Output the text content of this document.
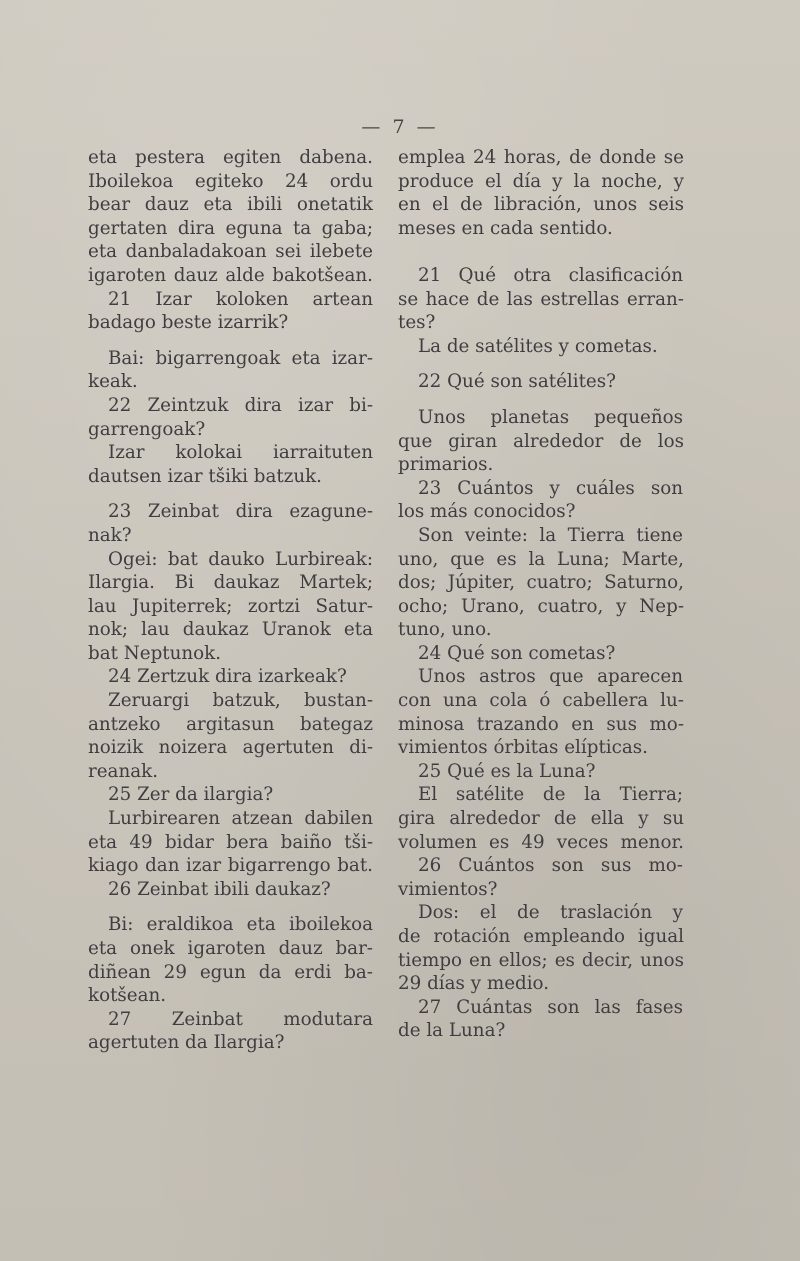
— 7 —
eta pestera egiten dabena.
Iboilekoa egiteko 24 ordu
bear dauz eta ibili onetatik
gertaten dira eguna ta gaba;
eta danbaladakoan sei ilebete
igaroten dauz alde bakotšean.
21 Izar koloken artean
badago beste izarrik?
Bai: bigarrengoak eta izar-
keak.
22 Zeintzuk dira izar bi-
garrengoak?
Izar kolokai iarraituten
dautsen izar tšiki batzuk.
23 Zeinbat dira ezagune-
nak?
Ogei: bat dauko Lurbireak:
Ilargia. Bi daukaz Martek;
lau Jupiterrek; zortzi Satur-
nok; lau daukaz Uranok eta
bat Neptunok.
24 Zertzuk dira izarkeak?
Zeruargi batzuk, bustan-
antzeko argitasun bategaz
noizik noizera agertuten di-
reanak.
25 Zer da ilargia?
Lurbirearen atzean dabilen
eta 49 bidar bera baiño tši-
kiago dan izar bigarrengo bat.
26 Zeinbat ibili daukaz?
Bi: eraldikoa eta iboilekoa
eta onek igaroten dauz bar-
diñean 29 egun da erdi ba-
kotšean.
27 Zeinbat modutara
agertuten da Ilargia?
emplea 24 horas, de donde se
produce el día y la noche, y
en el de libración, unos seis
meses en cada sentido.
21 Qué otra clasificación
se hace de las estrellas erran-
tes?
La de satélites y cometas.
22 Qué son satélites?
Unos planetas pequeños
que giran alrededor de los
primarios.
23 Cuántos y cuáles son
los más conocidos?
Son veinte: la Tierra tiene
uno, que es la Luna; Marte,
dos; Júpiter, cuatro; Saturno,
ocho; Urano, cuatro, y Nep-
tuno, uno.
24 Qué son cometas?
Unos astros que aparecen
con una cola ó cabellera lu-
minosa trazando en sus mo-
vimientos órbitas elípticas.
25 Qué es la Luna?
El satélite de la Tierra;
gira alrededor de ella y su
volumen es 49 veces menor.
26 Cuántos son sus mo-
vimientos?
Dos: el de traslación y
de rotación empleando igual
tiempo en ellos; es decir, unos
29 días y medio.
27 Cuántas son las fases
de la Luna?
